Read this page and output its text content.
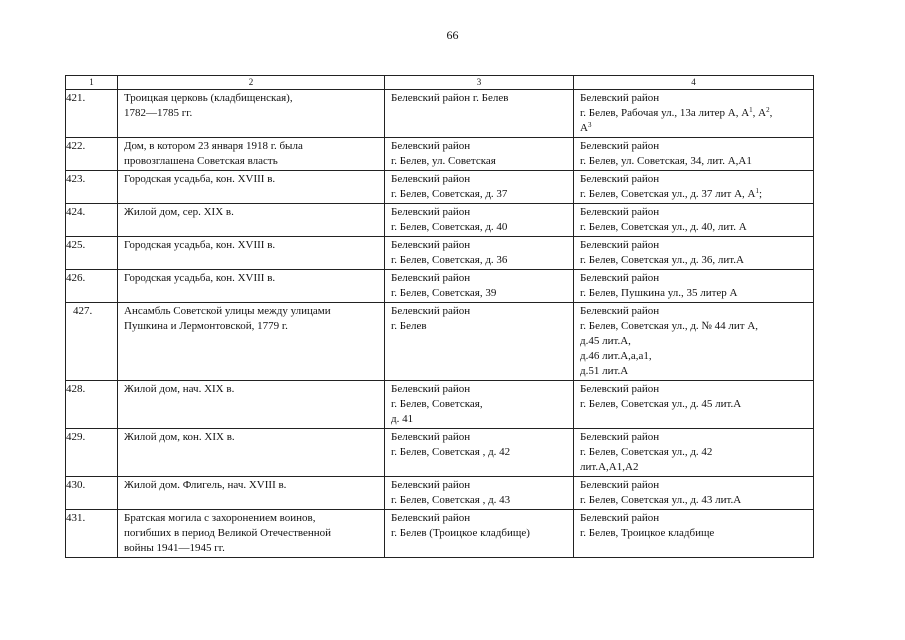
66
1	2	3	4
421.	Троицкая церковь (кладбищенская),
1782—1785 гг.	Белевский район г. Белев	Белевский район
г. Белев, Рабочая ул., 13а литер А, $А^1$, $А^2$,
$А^3$

422.	Дом, в котором 23 января 1918 г. была
провозглашена Советская власть	Белевский район
г. Белев, ул. Советская	Белевский район
г. Белев, ул. Советская, 34, лит. А,А1

423.	Городская усадьба, кон. XVIII в.	Белевский район
г. Белев, Советская, д. 37	Белевский район
г. Белев, Советская ул., д. 37 лит А, $А^1$;

424.	Жилой дом, сер. XIX в.	Белевский район
г. Белев, Советская, д. 40	Белевский район
г. Белев, Советская ул., д. 40, лит. А

425.	Городская усадьба, кон. XVIII в.	Белевский район
г. Белев, Советская, д. 36	Белевский район
г. Белев, Советская ул., д. 36, лит.А

426.	Городская усадьба, кон. XVIII в.	Белевский район
г. Белев, Советская, 39	Белевский район
г. Белев, Пушкина ул., 35 литер А

427.	Ансамбль Советской улицы между улицами
Пушкина и Лермонтовской, 1779 г.	Белевский район
г. Белев	Белевский район
г. Белев, Советская ул., д. № 44 лит А,
д.45 лит.А,
д.46 лит.А,а,а1,
д.51 лит.А

428.	Жилой дом, нач. XIX в.	Белевский район
г. Белев, Советская,
д. 41	Белевский район
г. Белев, Советская ул., д. 45 лит.А

429.	Жилой дом, кон. XIX в.	Белевский район
г. Белев, Советская , д. 42	Белевский район
г. Белев, Советская ул., д. 42
лит.А,А1,А2

430.	Жилой дом. Флигель, нач. XVIII в.	Белевский район
г. Белев, Советская , д. 43	Белевский район
г. Белев, Советская ул., д. 43 лит.А

431.	Братская могила с захоронением воинов,
погибших в период Великой Отечественной
войны 1941—1945 гг.	Белевский район
г. Белев (Троицкое кладбище)	Белевский район
г. Белев, Троицкое кладбище
